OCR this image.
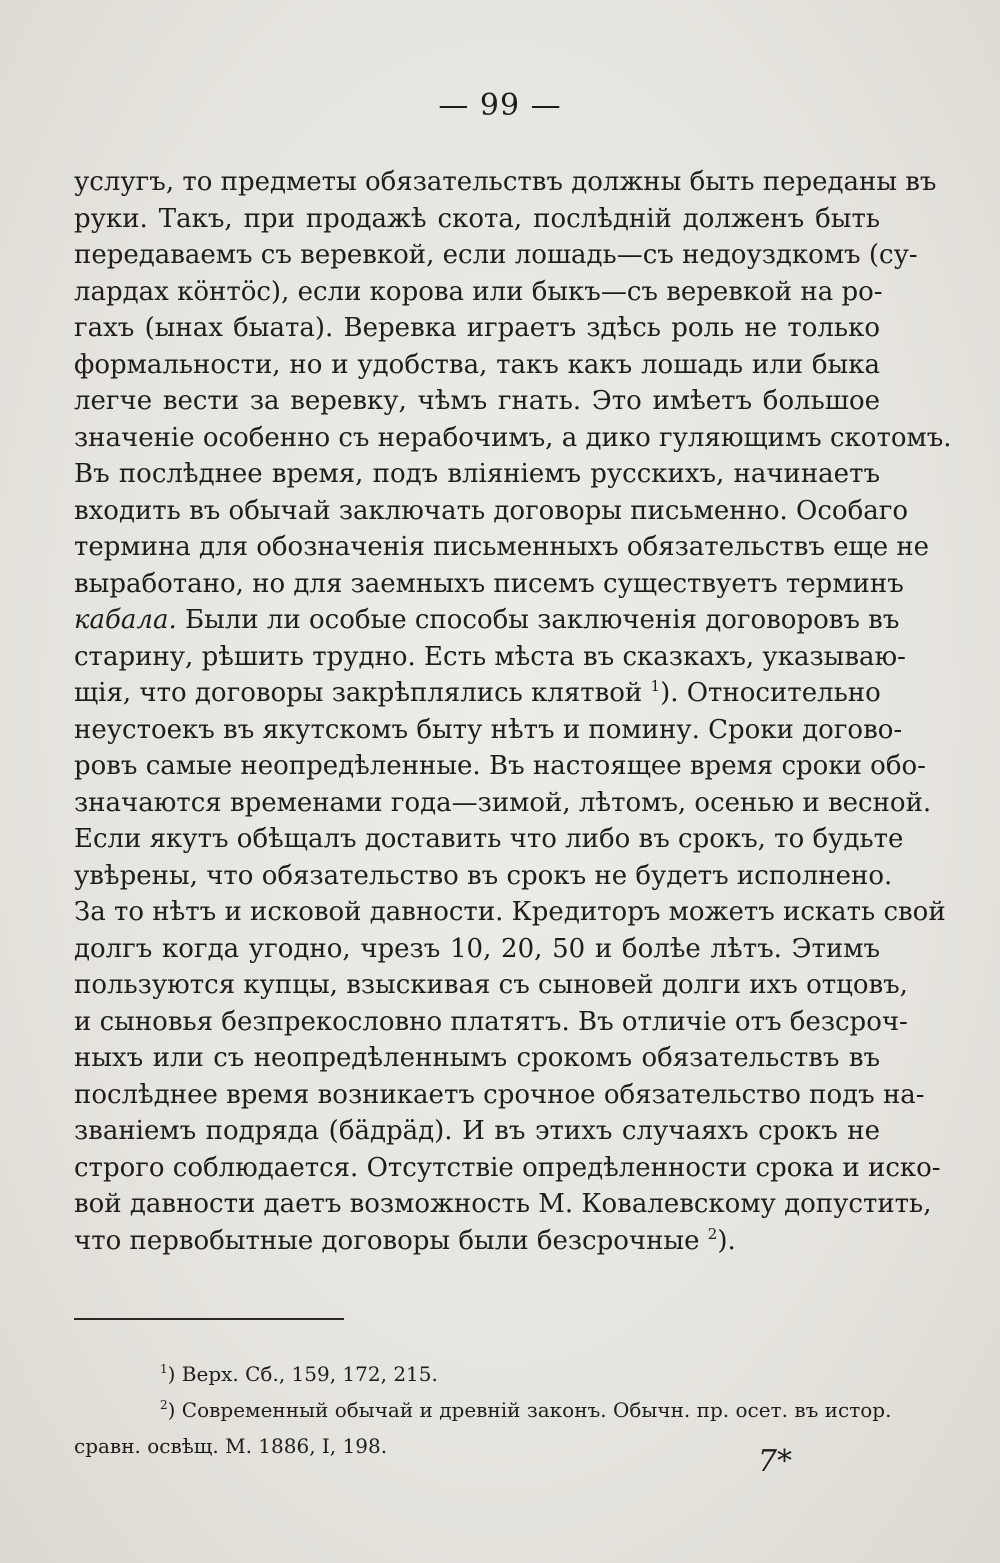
— 99 —
услугъ, то предметы обязательствъ должны быть переданы въ
руки. Такъ, при продажѣ скота, послѣднiй долженъ быть
передаваемъ съ веревкой, если лошадь—съ недоуздкомъ (су-
лардах кӧнтӧс), если корова или быкъ—съ веревкой на ро-
гахъ (ынах быата). Веревка играетъ здѣсь роль не только
формальности, но и удобства, такъ какъ лошадь или быка
легче вести за веревку, чѣмъ гнать. Это имѣетъ большое
значенiе особенно съ нерабочимъ, а дико гуляющимъ скотомъ.
Въ послѣднее время, подъ влiянiемъ русскихъ, начинаетъ
входить въ обычай заключать договоры письменно. Особаго
термина для обозначенiя письменныхъ обязательствъ еще не
выработано, но для заемныхъ писемъ существуетъ терминъ
кабала. Были ли особые способы заключенiя договоровъ въ
старину, рѣшить трудно. Есть мѣста въ сказкахъ, указываю-
щiя, что договоры закрѣплялись клятвой $^1$). Относительно
неустоекъ въ якутскомъ быту нѣтъ и помину. Сроки догово-
ровъ самые неопредѣленные. Въ настоящее время сроки обо-
значаются временами года—зимой, лѣтомъ, осенью и весной.
Если якутъ обѣщалъ доставить что либо въ срокъ, то будьте
увѣрены, что обязательство въ срокъ не будетъ исполнено.
За то нѣтъ и исковой давности. Кредиторъ можетъ искать свой
долгъ когда угодно, чрезъ 10, 20, 50 и болѣе лѣтъ. Этимъ
пользуются купцы, взыскивая съ сыновей долги ихъ отцовъ,
и сыновья безпрекословно платятъ. Въ отличiе отъ безсроч-
ныхъ или съ неопредѣленнымъ срокомъ обязательствъ въ
послѣднее время возникаетъ срочное обязательство подъ на-
званiемъ подряда (бӓдрӓд). И въ этихъ случаяхъ срокъ не
строго соблюдается. Отсутствiе опредѣленности срока и иско-
вой давности даетъ возможность М. Ковалевскому допустить,
что первобытные договоры были безсрочные $^2$).
$^1$) Верх. Сб., 159, 172, 215.
$^2$) Современный обычай и древнiй законъ. Обычн. пр. осет. въ истор.
сравн. освѣщ. М. 1886, I, 198.	7*
